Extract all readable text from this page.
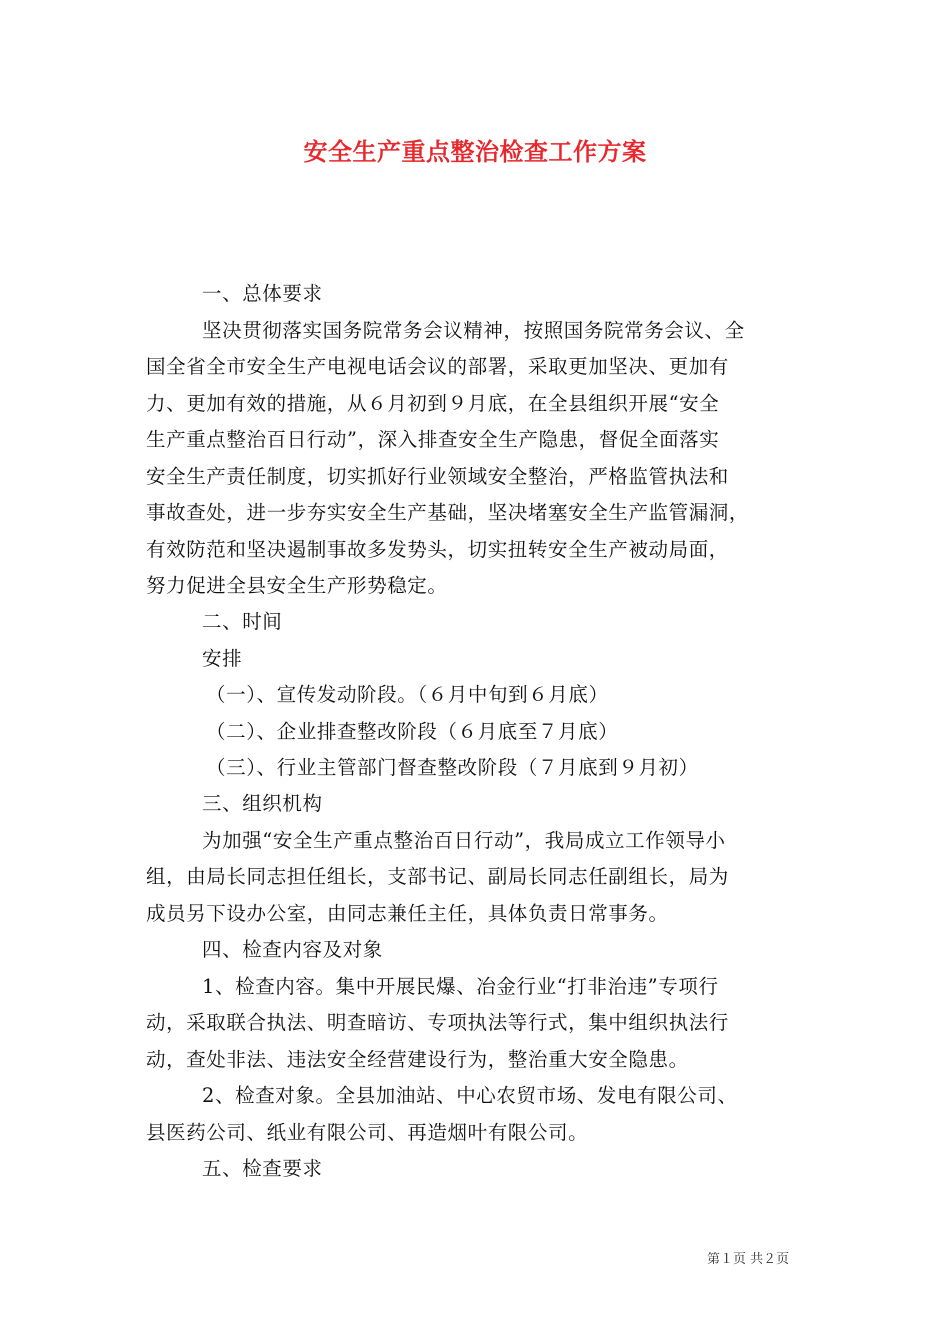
安全生产重点整治检查工作方案
一、总体要求
坚决贯彻落实国务院常务会议精神，按照国务院常务会议、全
国全省全市安全生产电视电话会议的部署，采取更加坚决、更加有
力、更加有效的措施，从６月初到９月底，在全县组织开展“安全
生产重点整治百日行动”，深入排查安全生产隐患，督促全面落实
安全生产责任制度，切实抓好行业领域安全整治，严格监管执法和
事故查处，进一步夯实安全生产基础，坚决堵塞安全生产监管漏洞，
有效防范和坚决遏制事故多发势头，切实扭转安全生产被动局面，
努力促进全县安全生产形势稳定。
二、时间
安排
（一）、宣传发动阶段。（６月中旬到６月底）
（二）、企业排查整改阶段（６月底至７月底）
（三）、行业主管部门督查整改阶段（７月底到９月初）
三、组织机构
为加强“安全生产重点整治百日行动”，我局成立工作领导小
组，由局长同志担任组长，支部书记、副局长同志任副组长，局为
成员另下设办公室，由同志兼任主任，具体负责日常事务。
四、检查内容及对象
1、检查内容。集中开展民爆、冶金行业“打非治违”专项行
动，采取联合执法、明查暗访、专项执法等行式，集中组织执法行
动，查处非法、违法安全经营建设行为，整治重大安全隐患。
2、检查对象。全县加油站、中心农贸市场、发电有限公司、
县医药公司、纸业有限公司、再造烟叶有限公司。
五、检查要求
第１页 共２页
